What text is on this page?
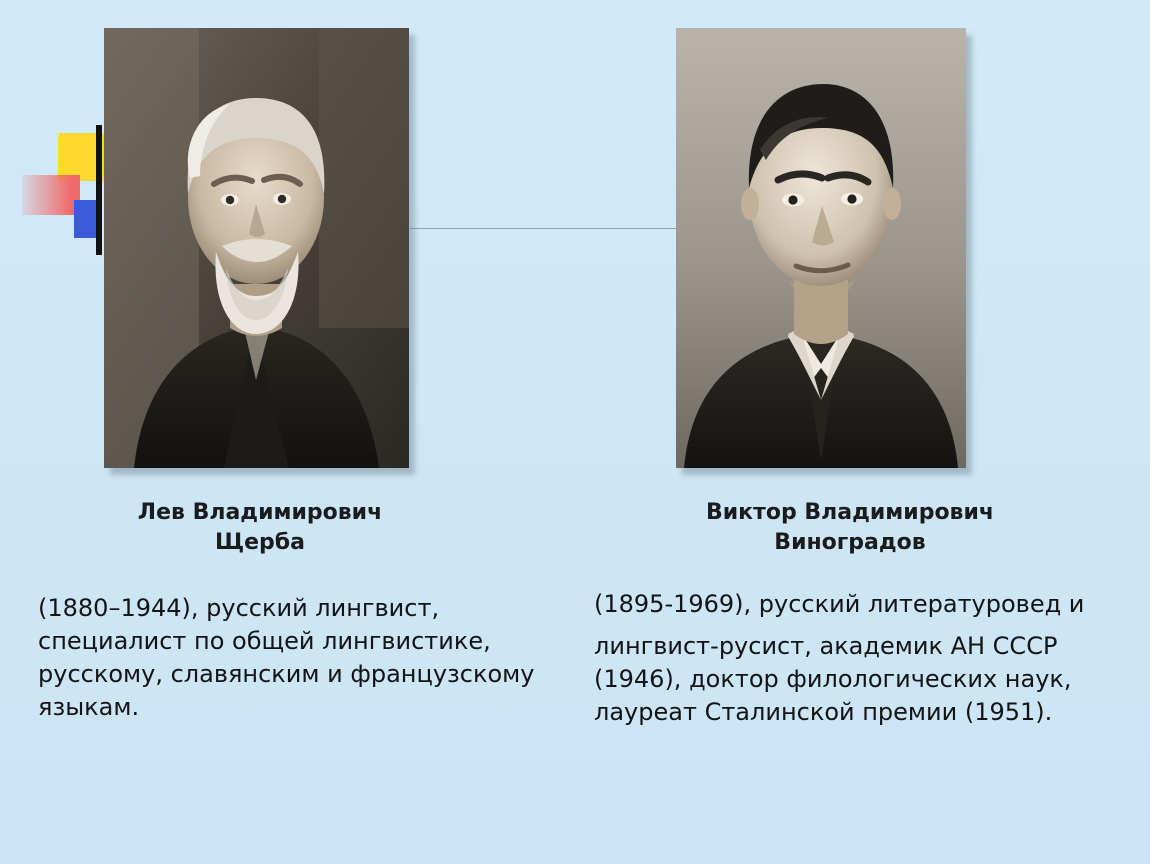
Лев Владимирович
Щерба
Виктор Владимирович
Виноградов
(1880–1944), русский лингвист, специалист по общей лингвистике, русскому, славянским и французскому языкам.
(1895-1969), русский литературовед и
лингвист-русист, академик АН СССР (1946), доктор филологических наук, лауреат Сталинской премии (1951).
